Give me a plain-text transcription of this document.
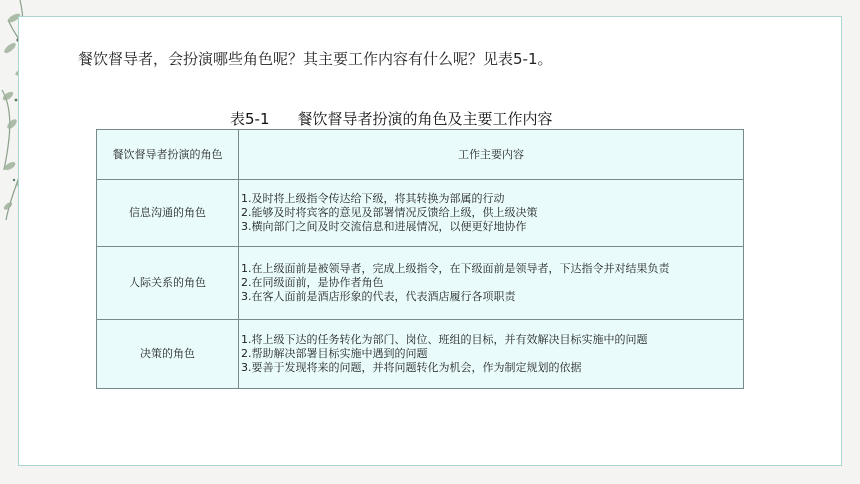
餐饮督导者，会扮演哪些角色呢？其主要工作内容有什么呢？见表5-1。
表5-1 餐饮督导者扮演的角色及主要工作内容
餐饮督导者扮演的角色	工作主要内容
信息沟通的角色	1.及时将上级指令传达给下级，将其转换为部属的行动
2.能够及时将宾客的意见及部署情况反馈给上级，供上级决策
3.横向部门之间及时交流信息和进展情况，以便更好地协作

人际关系的角色	1.在上级面前是被领导者，完成上级指令，在下级面前是领导者，下达指令并对结果负责
2.在同级面前，是协作者角色
3.在客人面前是酒店形象的代表，代表酒店履行各项职责

决策的角色	1.将上级下达的任务转化为部门、岗位、班组的目标，并有效解决目标实施中的问题
2.帮助解决部署目标实施中遇到的问题
3.要善于发现将来的问题，并将问题转化为机会，作为制定规划的依据
